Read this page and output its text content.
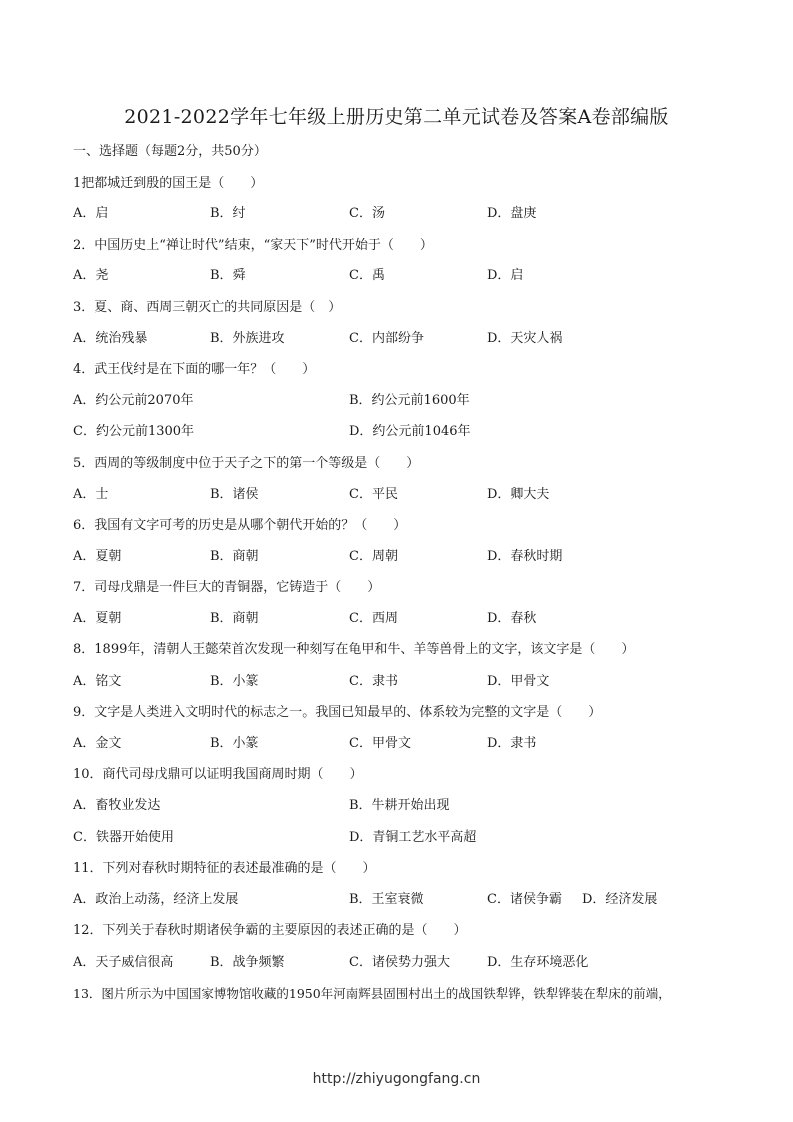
2021-2022学年七年级上册历史第二单元试卷及答案A卷部编版
一、选择题（每题2分，共50分）
1把都城迁到殷的国王是（　　）
A．启	B．纣	C．汤	D．盘庚
2．中国历史上“禅让时代”结束，“家天下”时代开始于（　　）
A．尧	B．舜	C．禹	D．启
3．夏、商、西周三朝灭亡的共同原因是（　）
A．统治残暴	B．外族进攻	C．内部纷争	D．天灾人祸
4．武王伐纣是在下面的哪一年？（　　）
A．约公元前2070年	B．约公元前1600年
C．约公元前1300年	D．约公元前1046年
5．西周的等级制度中位于天子之下的第一个等级是（　　）
A．士	B．诸侯	C．平民	D．卿大夫
6．我国有文字可考的历史是从哪个朝代开始的？（　　）
A．夏朝	B．商朝	C．周朝	D．春秋时期
7．司母戊鼎是一件巨大的青铜器，它铸造于（　　）
A．夏朝	B．商朝	C．西周	D．春秋
8．1899年，清朝人王懿荣首次发现一种刻写在龟甲和牛、羊等兽骨上的文字，该文字是（　　）
A．铭文	B．小篆	C．隶书	D．甲骨文
9．文字是人类进入文明时代的标志之一。我国已知最早的、体系较为完整的文字是（　　）
A．金文	B．小篆	C．甲骨文	D．隶书
10．商代司母戊鼎可以证明我国商周时期（　　）
A．畜牧业发达	B．牛耕开始出现
C．铁器开始使用	D．青铜工艺水平高超
11．下列对春秋时期特征的表述最准确的是（　　）
A．政治上动荡，经济上发展	B．王室衰微	C．诸侯争霸 D．经济发展
12．下列关于春秋时期诸侯争霸的主要原因的表述正确的是（　　）
A．天子威信很高	B．战争频繁	C．诸侯势力强大	D．生存环境恶化
13．图片所示为中国国家博物馆收藏的1950年河南辉县固围村出土的战国铁犁铧，铁犁铧装在犁床的前端，
http://zhiyugongfang.cn
